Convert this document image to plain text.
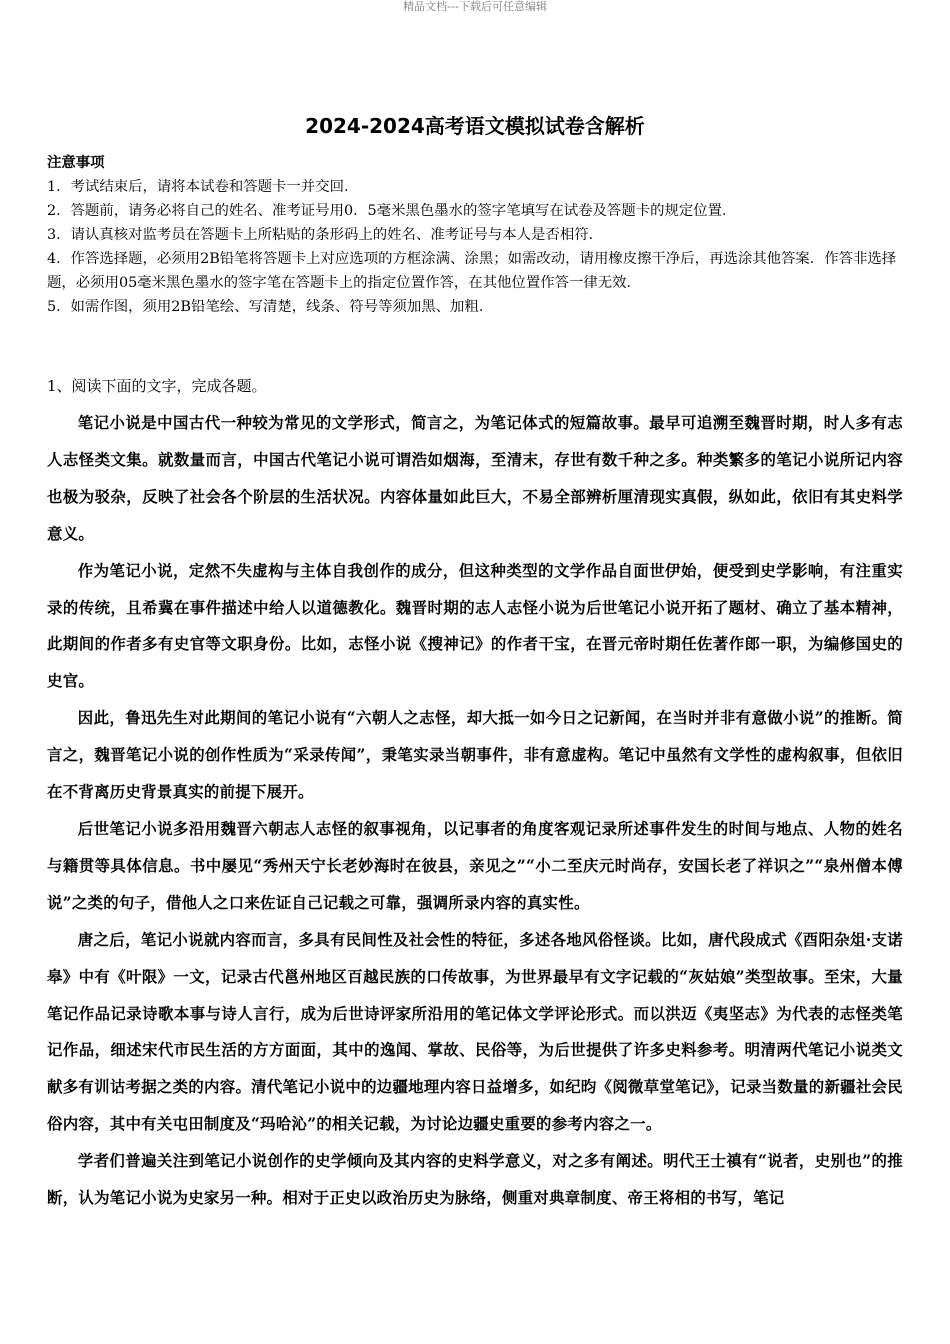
精品文档---下载后可任意编辑
2024-2024高考语文模拟试卷含解析
注意事项

1．考试结束后，请将本试卷和答题卡一并交回．

2．答题前，请务必将自己的姓名、准考证号用0．5毫米黑色墨水的签字笔填写在试卷及答题卡的规定位置．

3．请认真核对监考员在答题卡上所粘贴的条形码上的姓名、准考证号与本人是否相符．

4．作答选择题，必须用2B铅笔将答题卡上对应选项的方框涂满、涂黑；如需改动，请用橡皮擦干净后，再选涂其他答案．作答非选择题，必须用05毫米黑色墨水的签字笔在答题卡上的指定位置作答，在其他位置作答一律无效．

5．如需作图，须用2B铅笔绘、写清楚，线条、符号等须加黑、加粗．

1、阅读下面的文字，完成各题。

笔记小说是中国古代一种较为常见的文学形式，简言之，为笔记体式的短篇故事。最早可追溯至魏晋时期，时人多有志人志怪类文集。就数量而言，中国古代笔记小说可谓浩如烟海，至清末，存世有数千种之多。种类繁多的笔记小说所记内容也极为驳杂，反映了社会各个阶层的生活状况。内容体量如此巨大，不易全部辨析厘清现实真假，纵如此，依旧有其史料学意义。

作为笔记小说，定然不失虚构与主体自我创作的成分，但这种类型的文学作品自面世伊始，便受到史学影响，有注重实录的传统，且希冀在事件描述中给人以道德教化。魏晋时期的志人志怪小说为后世笔记小说开拓了题材、确立了基本精神，此期间的作者多有史官等文职身份。比如，志怪小说《搜神记》的作者干宝，在晋元帝时期任佐著作郎一职，为编修国史的史官。

因此，鲁迅先生对此期间的笔记小说有“六朝人之志怪，却大抵一如今日之记新闻，在当时并非有意做小说”的推断。简言之，魏晋笔记小说的创作性质为“采录传闻”，秉笔实录当朝事件，非有意虚构。笔记中虽然有文学性的虚构叙事，但依旧在不背离历史背景真实的前提下展开。

后世笔记小说多沿用魏晋六朝志人志怪的叙事视角，以记事者的角度客观记录所述事件发生的时间与地点、人物的姓名与籍贯等具体信息。书中屡见“秀州天宁长老妙海时在彼县，亲见之”“小二至庆元时尚存，安国长老了祥识之”“泉州僧本傅说”之类的句子，借他人之口来佐证自己记载之可靠，强调所录内容的真实性。

唐之后，笔记小说就内容而言，多具有民间性及社会性的特征，多述各地风俗怪谈。比如，唐代段成式《酉阳杂俎·支诺皋》中有《叶限》一文，记录古代邕州地区百越民族的口传故事，为世界最早有文字记载的“灰姑娘”类型故事。至宋，大量笔记作品记录诗歌本事与诗人言行，成为后世诗评家所沿用的笔记体文学评论形式。而以洪迈《夷坚志》为代表的志怪类笔记作品，细述宋代市民生活的方方面面，其中的逸闻、掌故、民俗等，为后世提供了许多史料参考。明清两代笔记小说类文献多有训诂考据之类的内容。清代笔记小说中的边疆地理内容日益增多，如纪昀《阅微草堂笔记》，记录当数量的新疆社会民俗内容，其中有关屯田制度及“玛哈沁”的相关记载，为讨论边疆史重要的参考内容之一。

学者们普遍关注到笔记小说创作的史学倾向及其内容的史料学意义，对之多有阐述。明代王士禛有“说者，史别也”的推断，认为笔记小说为史家另一种。相对于正史以政治历史为脉络，侧重对典章制度、帝王将相的书写，笔记
